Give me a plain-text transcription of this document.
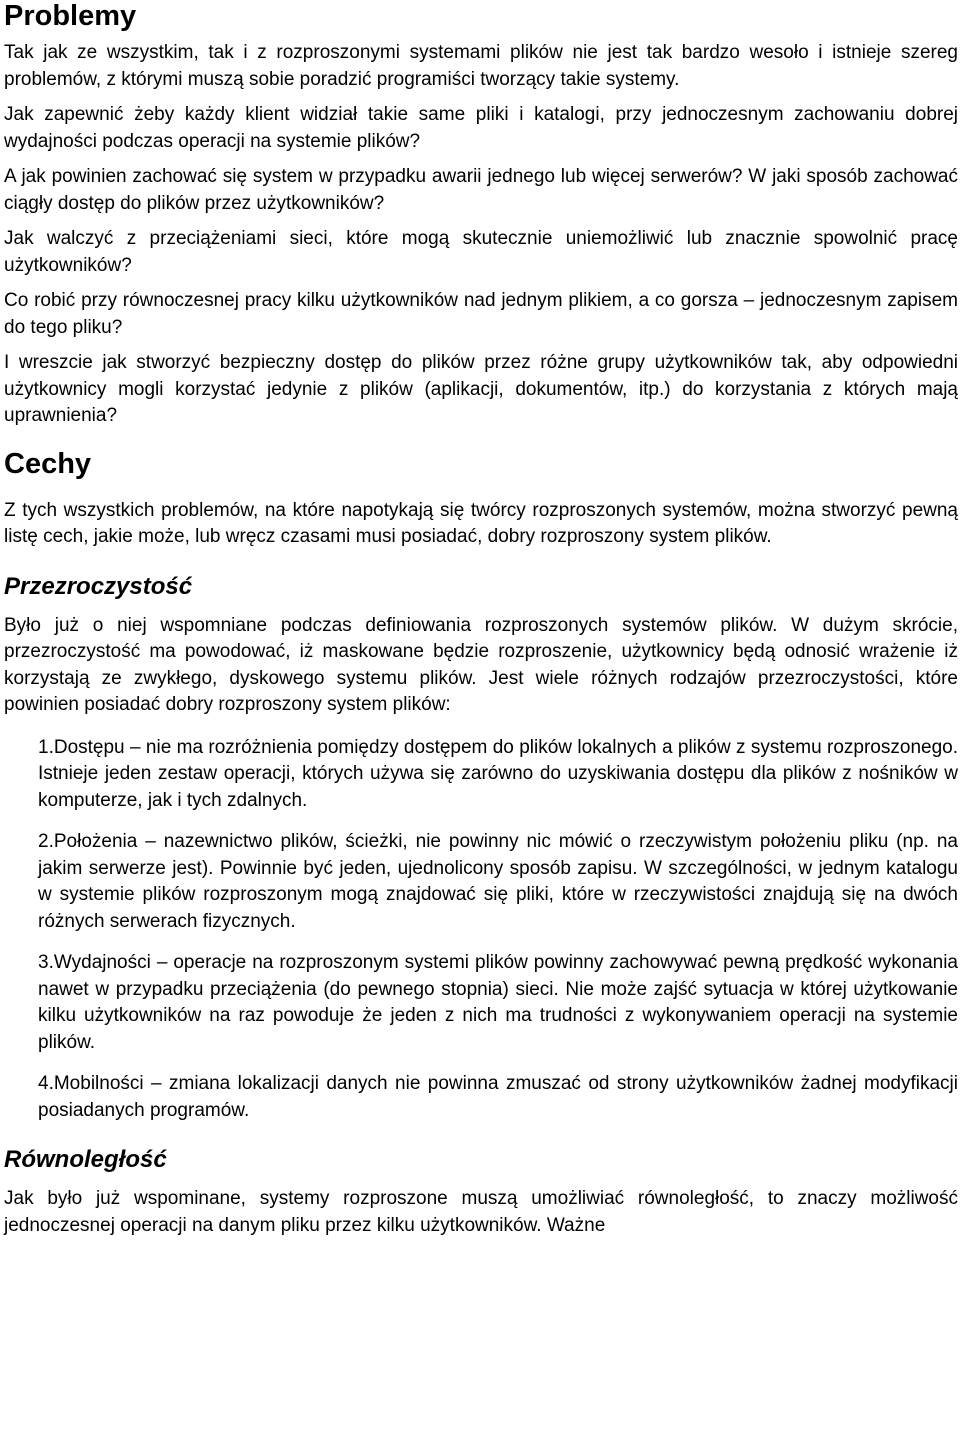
Problemy

Tak jak ze wszystkim, tak i z rozproszonymi systemami plików nie jest tak bardzo wesoło i istnieje szereg problemów, z którymi muszą sobie poradzić programiści tworzący takie systemy.

Jak zapewnić żeby każdy klient widział takie same pliki i katalogi, przy jednoczesnym zachowaniu dobrej wydajności podczas operacji na systemie plików?

A jak powinien zachować się system w przypadku awarii jednego lub więcej serwerów? W jaki sposób zachować ciągły dostęp do plików przez użytkowników?

Jak walczyć z przeciążeniami sieci, które mogą skutecznie uniemożliwić lub znacznie spowolnić pracę użytkowników?

Co robić przy równoczesnej pracy kilku użytkowników nad jednym plikiem, a co gorsza – jednoczesnym zapisem do tego pliku?

I wreszcie jak stworzyć bezpieczny dostęp do plików przez różne grupy użytkowników tak, aby odpowiedni użytkownicy mogli korzystać jedynie z plików (aplikacji, dokumentów, itp.) do korzystania z których mają uprawnienia?

Cechy

Z tych wszystkich problemów, na które napotykają się twórcy rozproszonych systemów, można stworzyć pewną listę cech, jakie może, lub wręcz czasami musi posiadać, dobry rozproszony system plików.

Przezroczystość

Było już o niej wspomniane podczas definiowania rozproszonych systemów plików. W dużym skrócie, przezroczystość ma powodować, iż maskowane będzie rozproszenie, użytkownicy będą odnosić wrażenie iż korzystają ze zwykłego, dyskowego systemu plików. Jest wiele różnych rodzajów przezroczystości, które powinien posiadać dobry rozproszony system plików:

1.Dostępu – nie ma rozróżnienia pomiędzy dostępem do plików lokalnych a plików z systemu rozproszonego. Istnieje jeden zestaw operacji, których używa się zarówno do uzyskiwania dostępu dla plików z nośników w komputerze, jak i tych zdalnych.
2.Położenia – nazewnictwo plików, ścieżki, nie powinny nic mówić o rzeczywistym położeniu pliku (np. na jakim serwerze jest). Powinnie być jeden, ujednolicony sposób zapisu. W szczególności, w jednym katalogu w systemie plików rozproszonym mogą znajdować się pliki, które w rzeczywistości znajdują się na dwóch różnych serwerach fizycznych.
3.Wydajności – operacje na rozproszonym systemi plików powinny zachowywać pewną prędkość wykonania nawet w przypadku przeciążenia (do pewnego stopnia) sieci. Nie może zajść sytuacja w której użytkowanie kilku użytkowników na raz powoduje że jeden z nich ma trudności z wykonywaniem operacji na systemie plików.
4.Mobilności – zmiana lokalizacji danych nie powinna zmuszać od strony użytkowników żadnej modyfikacji posiadanych programów.
Równoległość

Jak było już wspominane, systemy rozproszone muszą umożliwiać równoległość, to znaczy możliwość jednoczesnej operacji na danym pliku przez kilku użytkowników. Ważne
